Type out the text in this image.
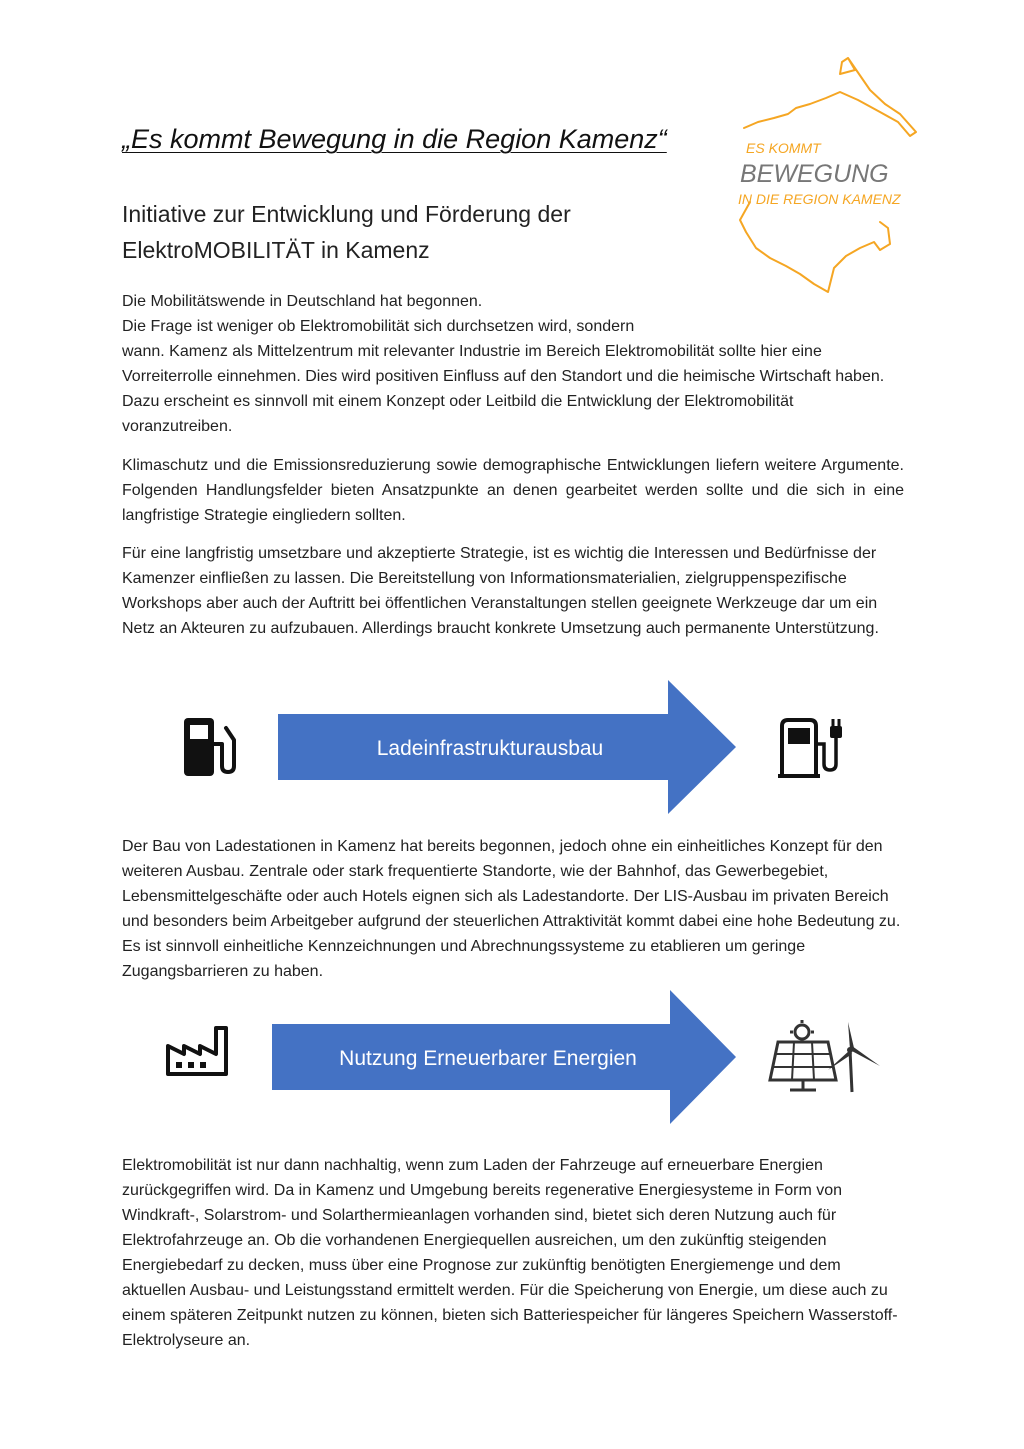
ES KOMMT
BEWEGUNG
IN DIE REGION KAMENZ
„Es kommt Bewegung in die Region Kamenz“
Initiative zur Entwicklung und Förderung der
ElektroMOBILITÄT in Kamenz
Die Mobilitätswende in Deutschland hat begonnen.
Die Frage ist weniger ob Elektromobilität sich durchsetzen wird, sondern
wann. Kamenz als Mittelzentrum mit relevanter Industrie im Bereich Elektromobilität sollte hier eine Vorreiterrolle einnehmen. Dies wird positiven Einfluss auf den Standort und die heimische Wirtschaft haben. Dazu erscheint es sinnvoll mit einem Konzept oder Leitbild die Entwicklung der Elektromobilität voranzutreiben.
Klimaschutz und die Emissionsreduzierung sowie demographische Entwicklungen liefern weitere Argumente. Folgenden Handlungsfelder bieten Ansatzpunkte an denen gearbeitet werden sollte und die sich in eine langfristige Strategie eingliedern sollten.
Für eine langfristig umsetzbare und akzeptierte Strategie, ist es wichtig die Interessen und Bedürfnisse der Kamenzer einfließen zu lassen. Die Bereitstellung von Informationsmaterialien, zielgruppenspezifische Workshops aber auch der Auftritt bei öffentlichen Veranstaltungen stellen geeignete Werkzeuge dar um ein Netz an Akteuren zu aufzubauen. Allerdings braucht konkrete Umsetzung auch permanente Unterstützung.
Ladeinfrastrukturausbau
Der Bau von Ladestationen in Kamenz hat bereits begonnen, jedoch ohne ein einheitliches Konzept für den weiteren Ausbau. Zentrale oder stark frequentierte Standorte, wie der Bahnhof, das Gewerbegebiet, Lebensmittelgeschäfte oder auch Hotels eignen sich als Ladestandorte. Der LIS-Ausbau im privaten Bereich und besonders beim Arbeitgeber aufgrund der steuerlichen Attraktivität kommt dabei eine hohe Bedeutung zu. Es ist sinnvoll einheitliche Kennzeichnungen und Abrechnungssysteme zu etablieren um geringe Zugangsbarrieren zu haben.
Nutzung Erneuerbarer Energien
Elektromobilität ist nur dann nachhaltig, wenn zum Laden der Fahrzeuge auf erneuerbare Energien zurückgegriffen wird. Da in Kamenz und Umgebung bereits regenerative Energiesysteme in Form von Windkraft-, Solarstrom- und Solarthermieanlagen vorhanden sind, bietet sich deren Nutzung auch für Elektrofahrzeuge an. Ob die vorhandenen Energiequellen ausreichen, um den zukünftig steigenden Energiebedarf zu decken, muss über eine Prognose zur zukünftig benötigten Energiemenge und dem aktuellen Ausbau- und Leistungsstand ermittelt werden. Für die Speicherung von Energie, um diese auch zu einem späteren Zeitpunkt nutzen zu können, bieten sich Batteriespeicher für längeres Speichern Wasserstoff-Elektrolyseure an.
